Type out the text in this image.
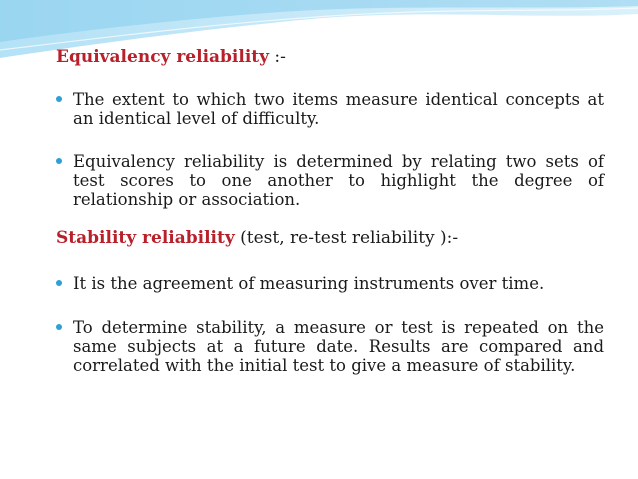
Equivalency reliability :-

The extent to which two items measure identical concepts at an identical level of difficulty.

Equivalency reliability is determined by relating two sets of test scores to one another to highlight the degree of relationship or association.

Stability reliability (test, re-test reliability ):-

It is the agreement of measuring instruments over time.

To determine stability, a measure or test is repeated on the same subjects at a future date. Results are compared and correlated with the initial test to give a measure of stability.
